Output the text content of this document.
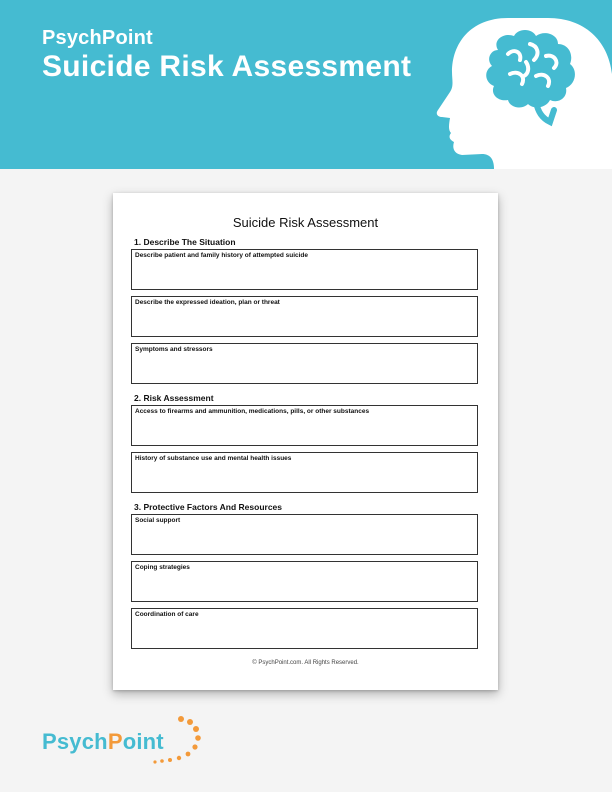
PsychPoint
Suicide Risk Assessment
Suicide Risk Assessment
1. Describe The Situation
Describe patient and family history of attempted suicide
Describe the expressed ideation, plan or threat
Symptoms and stressors
2. Risk Assessment
Access to firearms and ammunition, medications, pills, or other substances
History of substance use and mental health issues
3. Protective Factors And Resources
Social support
Coping strategies
Coordination of care
© PsychPoint.com. All Rights Reserved.
PsychPoint
